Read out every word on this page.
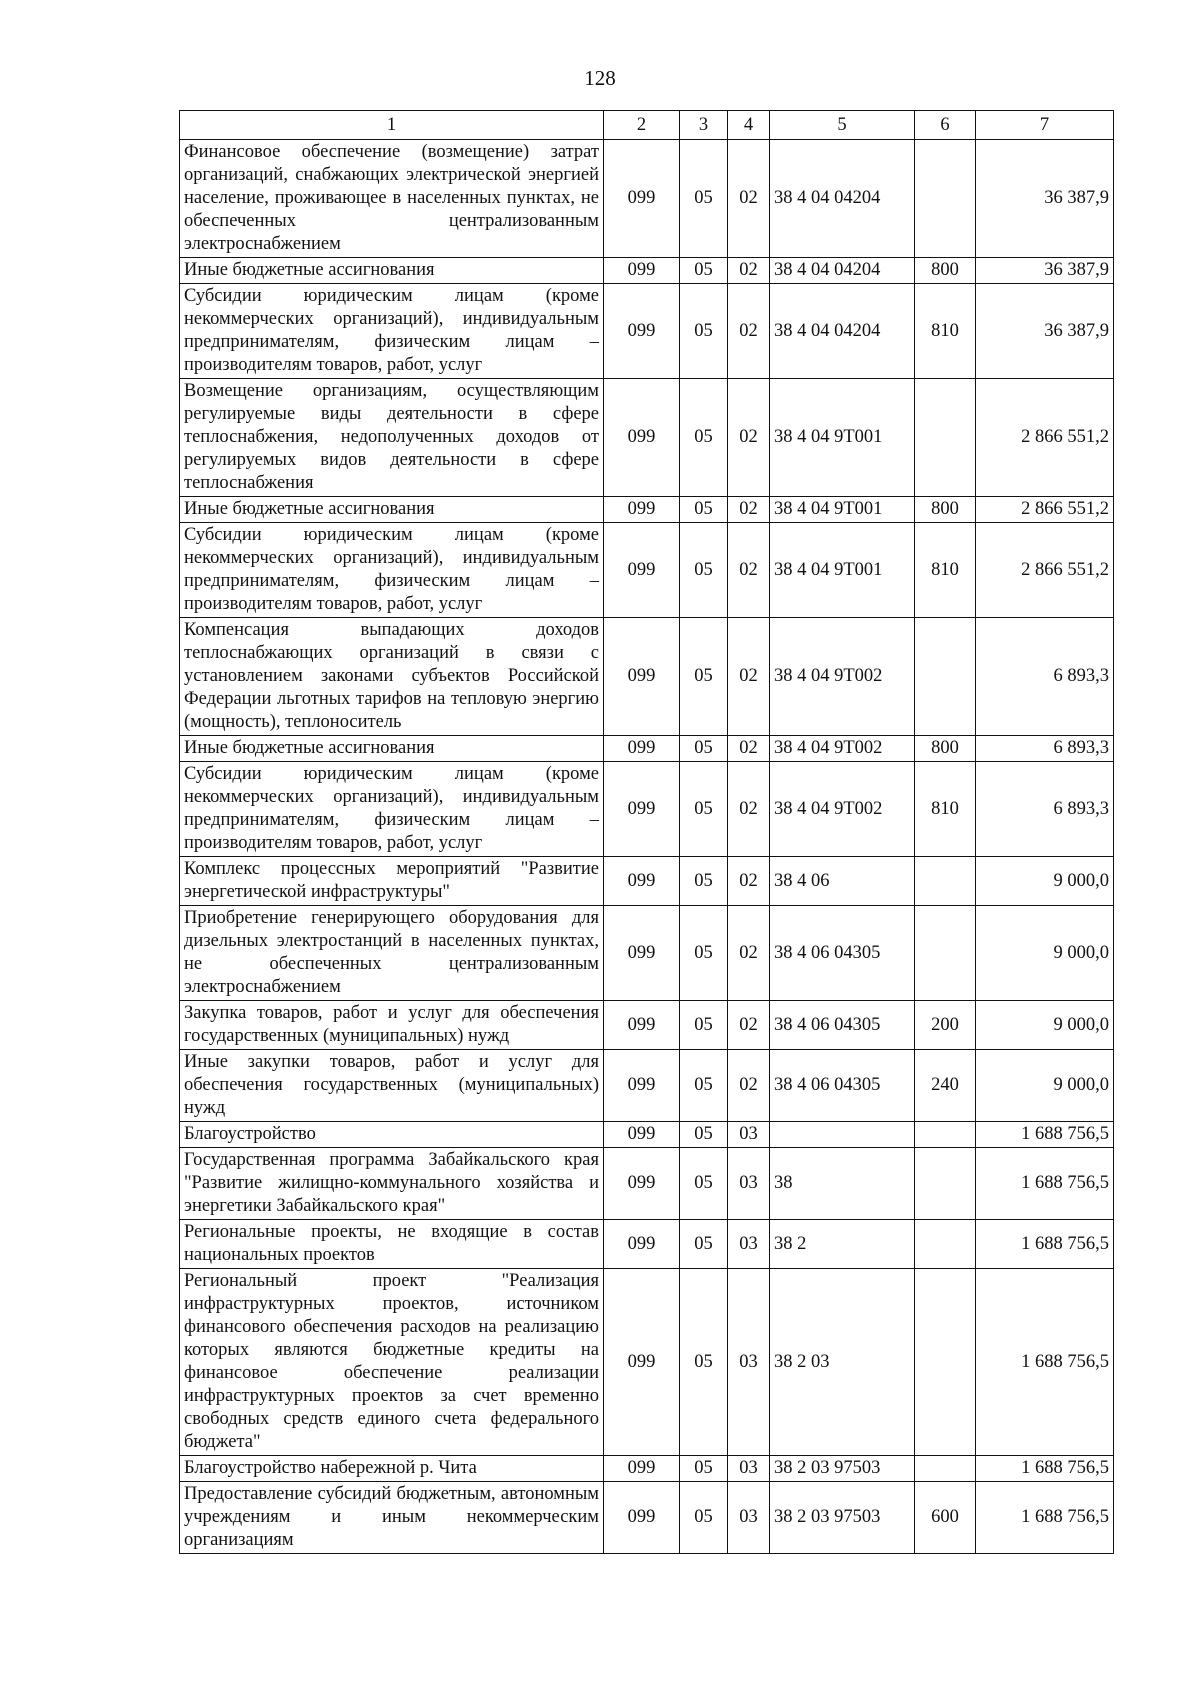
128
1	2	3	4	5	6	7
Финансовое обеспечение (возмещение) затрат организаций, снабжающих электрической энергией население, проживающее в населенных пунктах, не обеспеченных централизованным электроснабжением	099	05	02	38 4 04 04204		36 387,9
Иные бюджетные ассигнования	099	05	02	38 4 04 04204	800	36 387,9
Субсидии юридическим лицам (кроме некоммерческих организаций), индивидуальным предпринимателям, физическим лицам – производителям товаров, работ, услуг	099	05	02	38 4 04 04204	810	36 387,9
Возмещение организациям, осуществляющим регулируемые виды деятельности в сфере теплоснабжения, недополученных доходов от регулируемых видов деятельности в сфере теплоснабжения	099	05	02	38 4 04 9Т001		2 866 551,2
Иные бюджетные ассигнования	099	05	02	38 4 04 9Т001	800	2 866 551,2
Субсидии юридическим лицам (кроме некоммерческих организаций), индивидуальным предпринимателям, физическим лицам – производителям товаров, работ, услуг	099	05	02	38 4 04 9Т001	810	2 866 551,2
Компенсация выпадающих доходов теплоснабжающих организаций в связи с установлением законами субъектов Российской Федерации льготных тарифов на тепловую энергию (мощность), теплоноситель	099	05	02	38 4 04 9Т002		6 893,3
Иные бюджетные ассигнования	099	05	02	38 4 04 9Т002	800	6 893,3
Субсидии юридическим лицам (кроме некоммерческих организаций), индивидуальным предпринимателям, физическим лицам – производителям товаров, работ, услуг	099	05	02	38 4 04 9Т002	810	6 893,3
Комплекс процессных мероприятий "Развитие энергетической инфраструктуры"	099	05	02	38 4 06		9 000,0
Приобретение генерирующего оборудования для дизельных электростанций в населенных пунктах, не обеспеченных централизованным электроснабжением	099	05	02	38 4 06 04305		9 000,0
Закупка товаров, работ и услуг для обеспечения государственных (муниципальных) нужд	099	05	02	38 4 06 04305	200	9 000,0
Иные закупки товаров, работ и услуг для обеспечения государственных (муниципальных) нужд	099	05	02	38 4 06 04305	240	9 000,0
Благоустройство	099	05	03			1 688 756,5
Государственная программа Забайкальского края "Развитие жилищно-коммунального хозяйства и энергетики Забайкальского края"	099	05	03	38		1 688 756,5
Региональные проекты, не входящие в состав национальных проектов	099	05	03	38 2		1 688 756,5
Региональный проект "Реализация инфраструктурных проектов, источником финансового обеспечения расходов на реализацию которых являются бюджетные кредиты на финансовое обеспечение реализации инфраструктурных проектов за счет временно свободных средств единого счета федерального бюджета"	099	05	03	38 2 03		1 688 756,5
Благоустройство набережной р. Чита	099	05	03	38 2 03 97503		1 688 756,5
Предоставление субсидий бюджетным, автономным учреждениям и иным некоммерческим организациям	099	05	03	38 2 03 97503	600	1 688 756,5
